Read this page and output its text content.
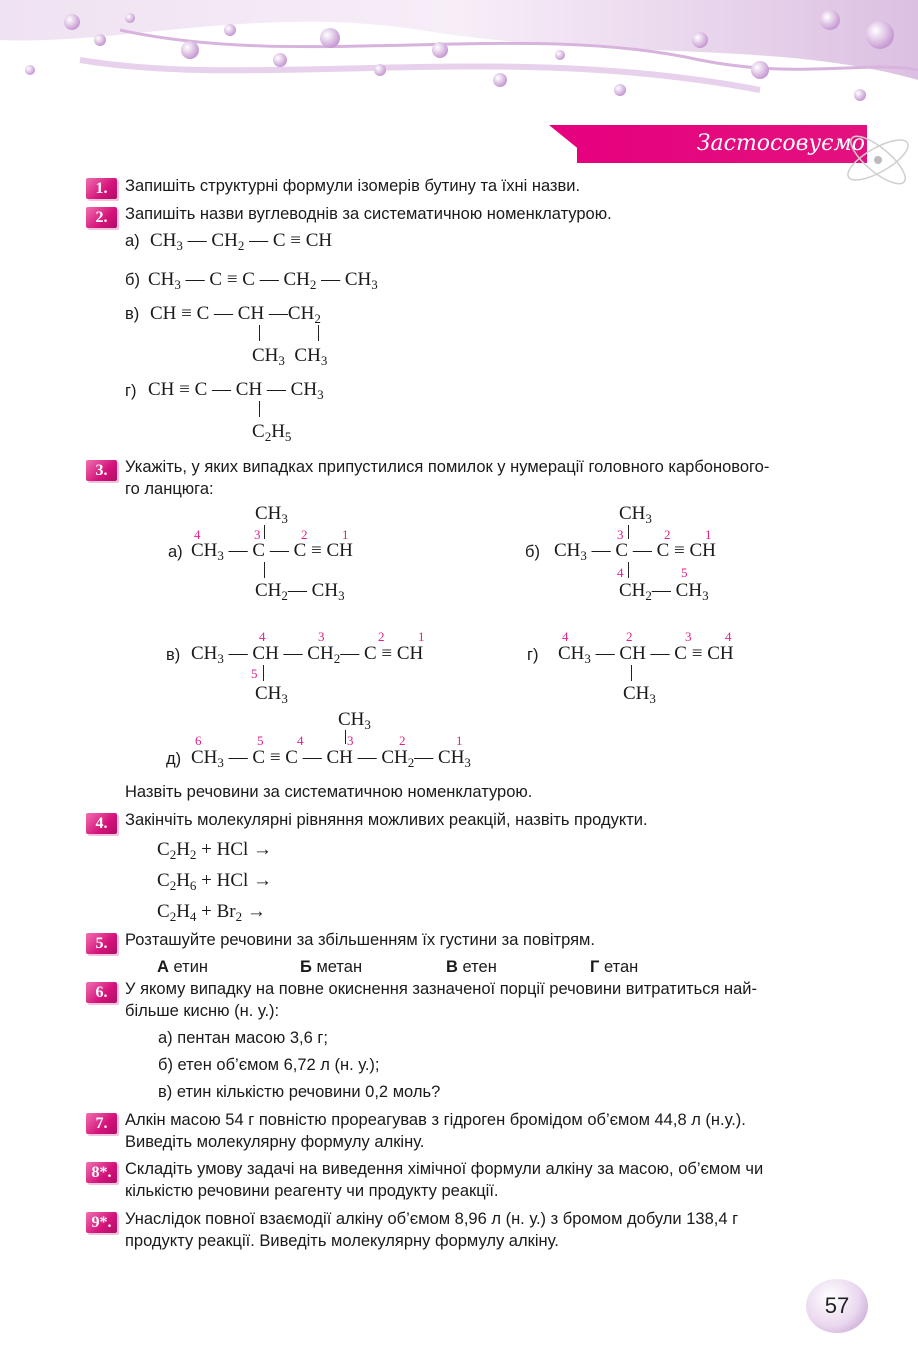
Застосовуємо
1.	Запишіть структурні формули ізомерів бутину та їхні назви.
2.	Запишіть назви вуглеводнів за систематичною номенклатурою.
а) $CH_3$ — $CH_2$ — C ≡ CH
б) $CH_3$ — C ≡ C — $CH_2$ — $CH_3$
в) CH ≡ C — CH $—CH_2$
$CH_3$  $CH_3$
г) CH ≡ C — CH — $CH_3$
$C_2H_5$
3.	Укажіть, у яких випадках припустилися помилок у нумерації головного карбонового-
го ланцюга:
$CH_3$
4	3	2	1
а) $CH_3$ — C — C ≡ CH
$CH_2—$ $CH_3$
$CH_3$
3	2	1
б) $CH_3$ — C — C ≡ CH
4	5
$CH_2—$ $CH_3$
4	3	2	1
в) $CH_3$ — CH — $CH_2—$ C ≡ CH
5
$CH_3$
4	2	3	4
г) $CH_3$ — CH — C ≡ CH
$CH_3$
$CH_3$
6	5	4	3	2	1
д) $CH_3$ — C ≡ C — CH — $CH_2—$ $CH_3$
Назвіть речовини за систематичною номенклатурою.
4.	Закінчіть молекулярні рівняння можливих реакцій, назвіть продукти.
$C_2H_2$ + HCl →
$C_2H_6$ + HCl →
$C_2H_4 + Br_2$ →
5.	Розташуйте речовини за збільшенням їх густини за повітрям.
А етин	Б метан	В етен	Г етан
6.	У якому випадку на повне окиснення зазначеної порції речовини витратиться най-
більше кисню (н. у.):
а) пентан масою 3,6 г;
б) етен об’ємом 6,72 л (н. у.);
в) етин кількістю речовини 0,2 моль?
7.	Алкін масою 54 г повністю прореагував з гідроген бромідом об’ємом 44,8 л (н.у.).
Виведіть молекулярну формулу алкіну.
8*. Складіть умову задачі на виведення хімічної формули алкіну за масою, об’ємом чи
кількістю речовини реагенту чи продукту реакції.
9*. Унаслідок повної взаємодії алкіну об’ємом 8,96 л (н. у.) з бромом добули 138,4 г
продукту реакції. Виведіть молекулярну формулу алкіну.
57
